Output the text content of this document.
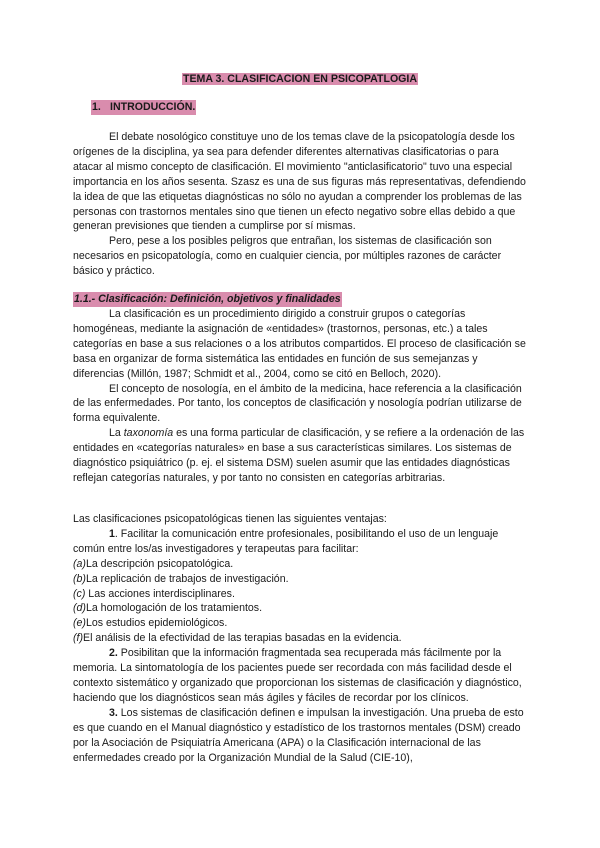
TEMA 3. CLASIFICACION EN PSICOPATLOGIA
1. INTRODUCCIÓN.

El debate nosológico constituye uno de los temas clave de la psicopatología desde los orígenes de la disciplina, ya sea para defender diferentes alternativas clasificatorias o para atacar al mismo concepto de clasificación. El movimiento "anticlasificatorio" tuvo una especial importancia en los años sesenta. Szasz es una de sus figuras más representativas, defendiendo la idea de que las etiquetas diagnósticas no sólo no ayudan a comprender los problemas de las personas con trastornos mentales sino que tienen un efecto negativo sobre ellas debido a que generan previsiones que tienden a cumplirse por sí mismas.

Pero, pese a los posibles peligros que entrañan, los sistemas de clasificación son necesarios en psicopatología, como en cualquier ciencia, por múltiples razones de carácter básico y práctico.

1.1.- Clasificación: Definición, objetivos y finalidades

La clasificación es un procedimiento dirigido a construir grupos o categorías homogéneas, mediante la asignación de «entidades» (trastornos, personas, etc.) a tales categorías en base a sus relaciones o a los atributos compartidos. El proceso de clasificación se basa en organizar de forma sistemática las entidades en función de sus semejanzas y diferencias (Millón, 1987; Schmidt et al., 2004, como se citó en Belloch, 2020).

El concepto de nosología, en el ámbito de la medicina, hace referencia a la clasificación de las enfermedades. Por tanto, los conceptos de clasificación y nosología podrían utilizarse de forma equivalente.

La taxonomía es una forma particular de clasificación, y se refiere a la ordenación de las entidades en «categorías naturales» en base a sus características similares. Los sistemas de diagnóstico psiquiátrico (p. ej. el sistema DSM) suelen asumir que las entidades diagnósticas reflejan categorías naturales, y por tanto no consisten en categorías arbitrarias.

Las clasificaciones psicopatológicas tienen las siguientes ventajas:

1. Facilitar la comunicación entre profesionales, posibilitando el uso de un lenguaje común entre los/as investigadores y terapeutas para facilitar:

(a)La descripción psicopatológica.

(b)La replicación de trabajos de investigación.

(c) Las acciones interdisciplinares.

(d)La homologación de los tratamientos.

(e)Los estudios epidemiológicos.

(f)El análisis de la efectividad de las terapias basadas en la evidencia.

2. Posibilitan que la información fragmentada sea recuperada más fácilmente por la memoria. La sintomatología de los pacientes puede ser recordada con más facilidad desde el contexto sistemático y organizado que proporcionan los sistemas de clasificación y diagnóstico, haciendo que los diagnósticos sean más ágiles y fáciles de recordar por los clínicos.

3. Los sistemas de clasificación definen e impulsan la investigación. Una prueba de esto es que cuando en el Manual diagnóstico y estadístico de los trastornos mentales (DSM) creado por la Asociación de Psiquiatría Americana (APA) o la Clasificación internacional de las enfermedades creado por la Organización Mundial de la Salud (CIE-10),
